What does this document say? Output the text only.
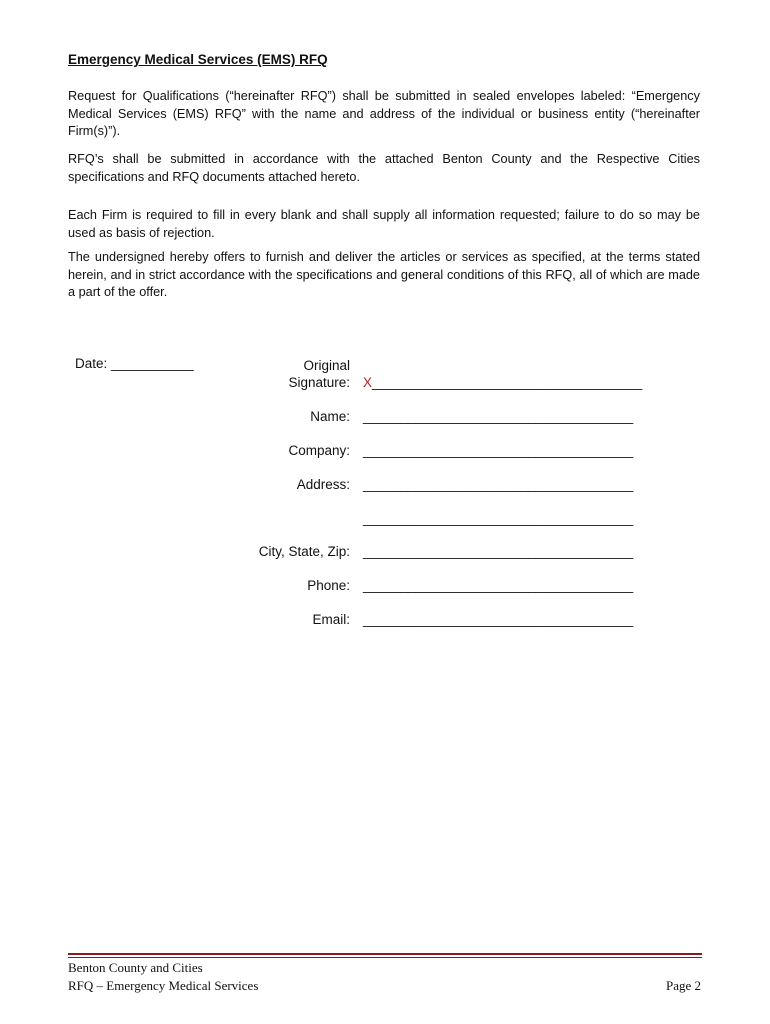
Emergency Medical Services (EMS) RFQ

Request for Qualifications (“hereinafter RFQ”) shall be submitted in sealed envelopes labeled: “Emergency Medical Services (EMS) RFQ” with the name and address of the individual or business entity (“hereinafter Firm(s)”).

RFQ’s shall be submitted in accordance with the attached Benton County and the Respective Cities specifications and RFQ documents attached hereto.

Each Firm is required to fill in every blank and shall supply all information requested; failure to do so may be used as basis of rejection.

The undersigned hereby offers to furnish and deliver the articles or services as specified, at the terms stated herein, and in strict accordance with the specifications and general conditions of this RFQ, all of which are made a part of the offer.

Date: ___________	Original
Signature: X____________________________________
Name: ____________________________________
Company: ____________________________________
Address: ____________________________________
____________________________________
City, State, Zip: ____________________________________
Phone: ____________________________________
Email: ____________________________________
Benton County and Cities
RFQ – Emergency Medical Services	Page 2
